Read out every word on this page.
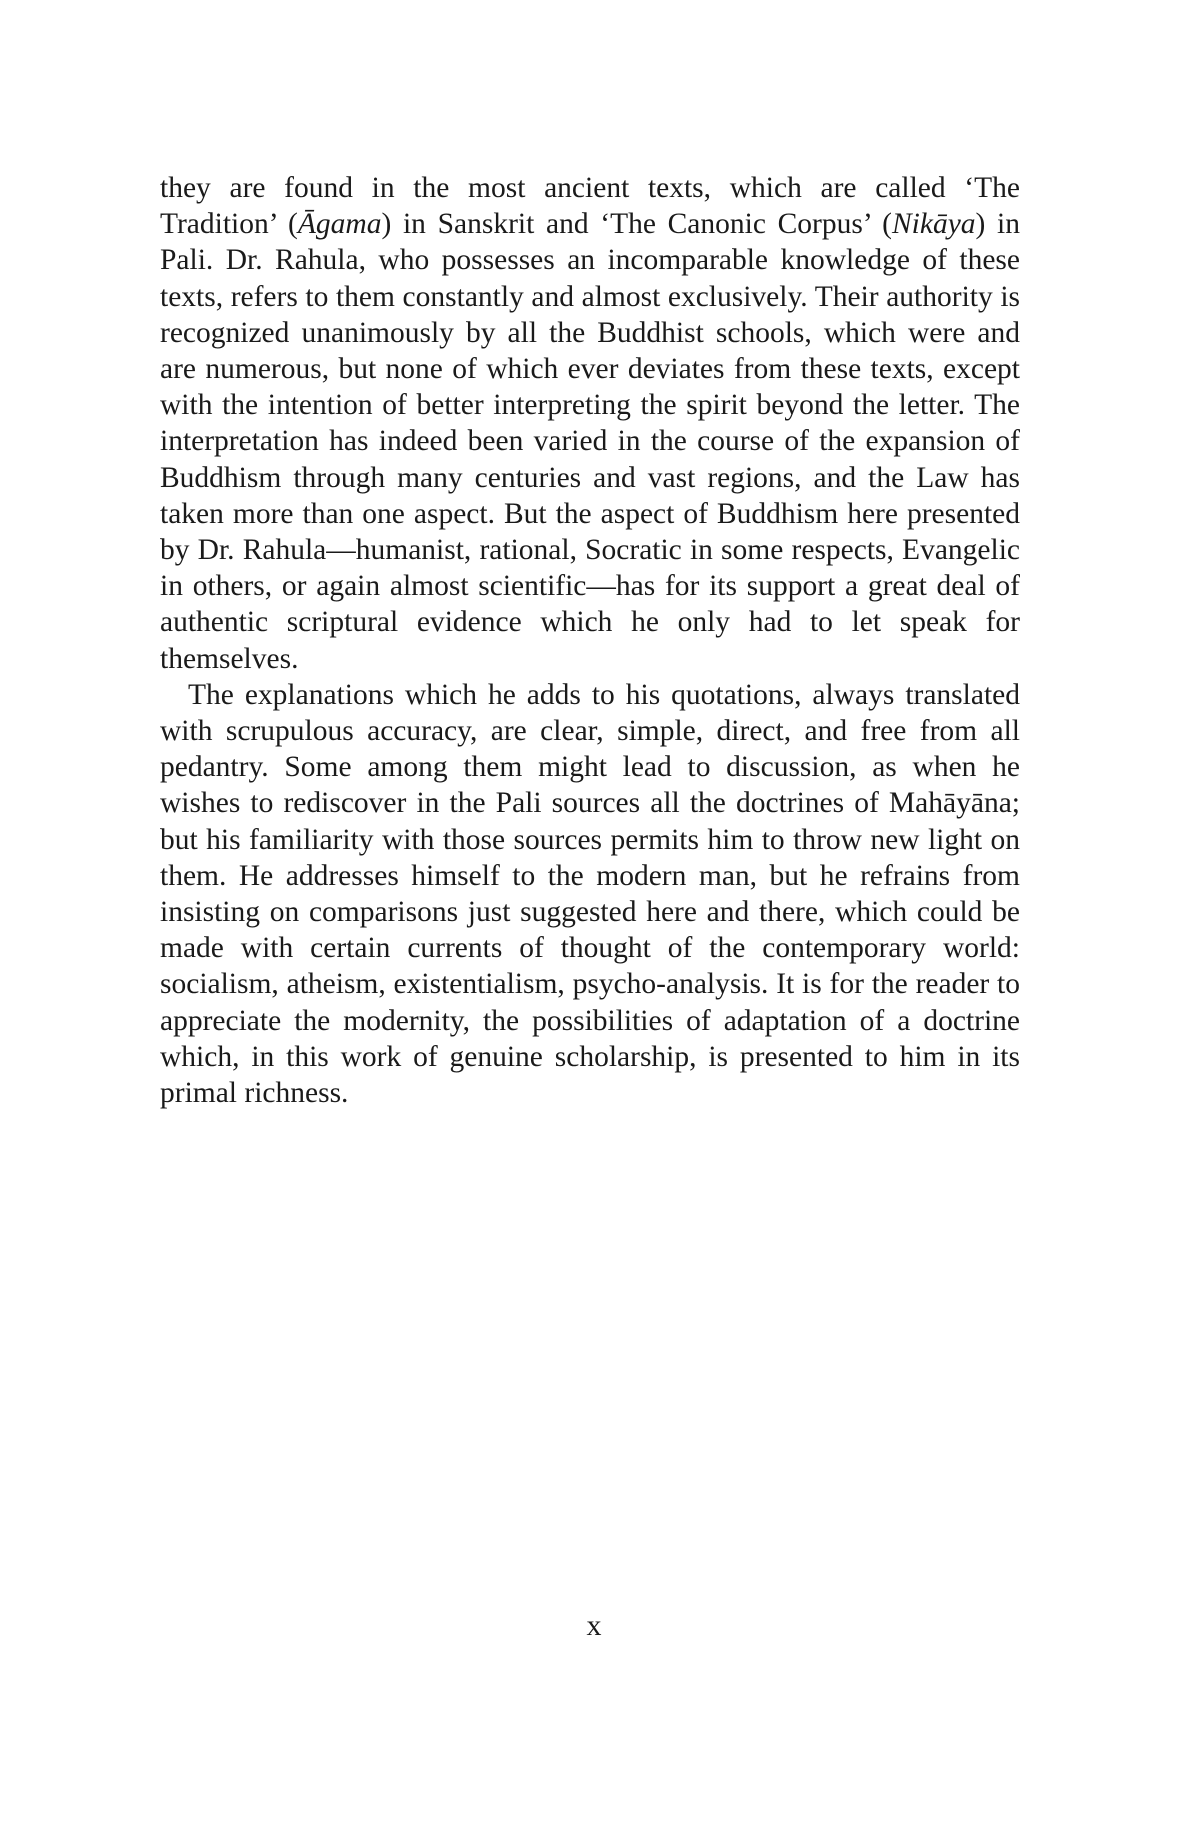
they are found in the most ancient texts, which are called ‘The Tradition’ (Āgama) in Sanskrit and ‘The Canonic Corpus’ (Nikāya) in Pali. Dr. Rahula, who possesses an incomparable knowledge of these texts, refers to them constantly and almost exclusively. Their authority is recognized unanimously by all the Buddhist schools, which were and are numerous, but none of which ever deviates from these texts, except with the intention of better interpreting the spirit beyond the letter. The interpretation has indeed been varied in the course of the expansion of Buddhism through many centuries and vast regions, and the Law has taken more than one aspect. But the aspect of Buddhism here presented by Dr. Rahula—humanist, rational, Socratic in some respects, Evangelic in others, or again almost scientific—has for its support a great deal of authentic scriptural evidence which he only had to let speak for themselves.

The explanations which he adds to his quotations, always translated with scrupulous accuracy, are clear, simple, direct, and free from all pedantry. Some among them might lead to discussion, as when he wishes to rediscover in the Pali sources all the doctrines of Mahāyāna; but his familiarity with those sources permits him to throw new light on them. He addresses himself to the modern man, but he refrains from insisting on comparisons just suggested here and there, which could be made with certain currents of thought of the contemporary world: socialism, atheism, existentialism, psycho-analysis. It is for the reader to appreciate the modernity, the possibilities of adaptation of a doctrine which, in this work of genuine scholarship, is presented to him in its primal richness.

x
